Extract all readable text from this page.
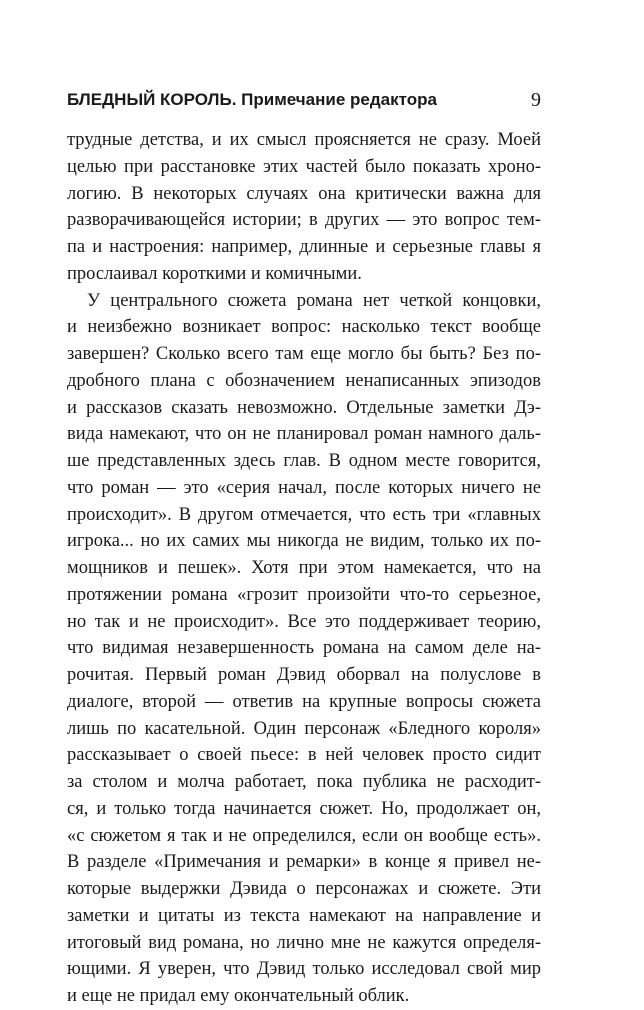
БЛЕДНЫЙ КОРОЛЬ. Примечание редактора	9
трудные детства, и их смысл проясняется не сразу. Моей
целью при расстановке этих частей было показать хроно-
логию. В некоторых случаях она критически важна для
разворачивающейся истории; в других — это вопрос тем-
па и настроения: например, длинные и серьезные главы я
прослаивал короткими и комичными.
У центрального сюжета романа нет четкой концовки,
и неизбежно возникает вопрос: насколько текст вообще
завершен? Сколько всего там еще могло бы быть? Без по-
дробного плана с обозначением ненаписанных эпизодов
и рассказов сказать невозможно. Отдельные заметки Дэ-
вида намекают, что он не планировал роман намного даль-
ше представленных здесь глав. В одном месте говорится,
что роман — это «серия начал, после которых ничего не
происходит». В другом отмечается, что есть три «главных
игрока... но их самих мы никогда не видим, только их по-
мощников и пешек». Хотя при этом намекается, что на
протяжении романа «грозит произойти что-то серьезное,
но так и не происходит». Все это поддерживает теорию,
что видимая незавершенность романа на самом деле на-
рочитая. Первый роман Дэвид оборвал на полуслове в
диалоге, второй — ответив на крупные вопросы сюжета
лишь по касательной. Один персонаж «Бледного короля»
рассказывает о своей пьесе: в ней человек просто сидит
за столом и молча работает, пока публика не расходит-
ся, и только тогда начинается сюжет. Но, продолжает он,
«с сюжетом я так и не определился, если он вообще есть».
В разделе «Примечания и ремарки» в конце я привел не-
которые выдержки Дэвида о персонажах и сюжете. Эти
заметки и цитаты из текста намекают на направление и
итоговый вид романа, но лично мне не кажутся определя-
ющими. Я уверен, что Дэвид только исследовал свой мир
и еще не придал ему окончательный облик.
